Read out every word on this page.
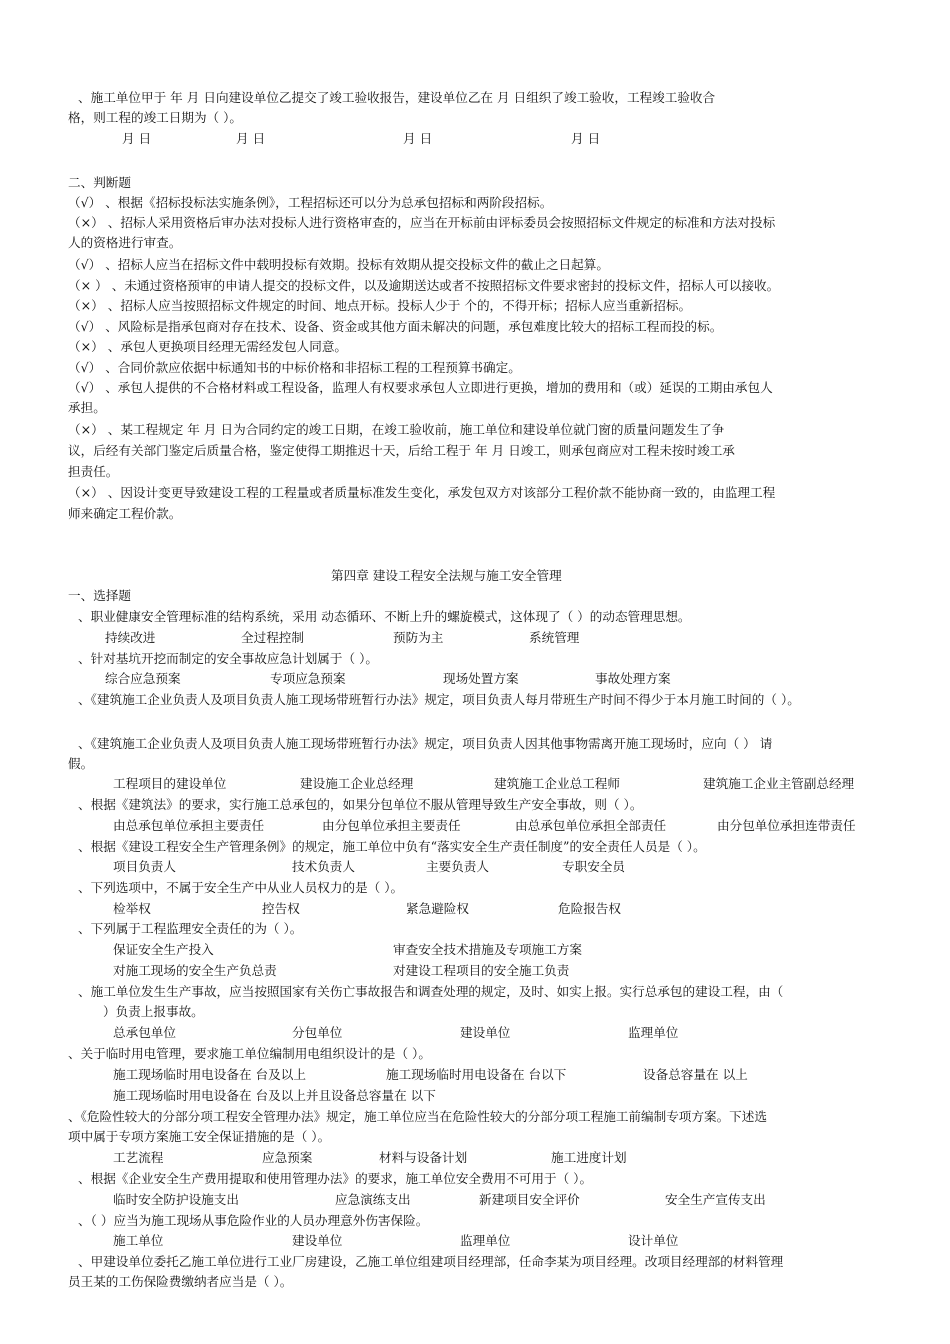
、施工单位甲于 年 月 日向建设单位乙提交了竣工验收报告，建设单位乙在 月 日组织了竣工验收，工程竣工验收合
格，则工程的竣工日期为（ ）。
月 日	月 日	月 日	月 日
二、判断题
（√） 、根据《招标投标法实施条例》，工程招标还可以分为总承包招标和两阶段招标。
（×） 、招标人采用资格后审办法对投标人进行资格审查的，应当在开标前由评标委员会按照招标文件规定的标准和方法对投标
人的资格进行审查。
（√） 、招标人应当在招标文件中载明投标有效期。投标有效期从提交投标文件的截止之日起算。
（× ） 、未通过资格预审的申请人提交的投标文件，以及逾期送达或者不按照招标文件要求密封的投标文件，招标人可以接收。
（×） 、招标人应当按照招标文件规定的时间、地点开标。投标人少于 个的，不得开标；招标人应当重新招标。
（√） 、风险标是指承包商对存在技术、设备、资金或其他方面未解决的问题，承包难度比较大的招标工程而投的标。
（×） 、承包人更换项目经理无需经发包人同意。
（√） 、合同价款应依据中标通知书的中标价格和非招标工程的工程预算书确定。
（√） 、承包人提供的不合格材料或工程设备，监理人有权要求承包人立即进行更换，增加的费用和（或）延误的工期由承包人
承担。
（×） 、某工程规定 年 月 日为合同约定的竣工日期，在竣工验收前，施工单位和建设单位就门窗的质量问题发生了争
议，后经有关部门鉴定后质量合格，鉴定使得工期推迟十天，后给工程于 年 月 日竣工，则承包商应对工程未按时竣工承
担责任。
（×） 、因设计变更导致建设工程的工程量或者质量标准发生变化，承发包双方对该部分工程价款不能协商一致的，由监理工程
师来确定工程价款。
第四章 建设工程安全法规与施工安全管理
一、选择题
、职业健康安全管理标准的结构系统，采用 动态循环、不断上升的螺旋模式，这体现了（ ）的动态管理思想。
持续改进	全过程控制	预防为主	系统管理
、针对基坑开挖而制定的安全事故应急计划属于（ ）。
综合应急预案	专项应急预案	现场处置方案	事故处理方案
、《建筑施工企业负责人及项目负责人施工现场带班暂行办法》规定，项目负责人每月带班生产时间不得少于本月施工时间的（ ）。
、《建筑施工企业负责人及项目负责人施工现场带班暂行办法》规定，项目负责人因其他事物需离开施工现场时，应向（ ） 请
假。
工程项目的建设单位	建设施工企业总经理	建筑施工企业总工程师	建筑施工企业主管副总经理
、根据《建筑法》的要求，实行施工总承包的，如果分包单位不服从管理导致生产安全事故，则（ ）。
由总承包单位承担主要责任	由分包单位承担主要责任	由总承包单位承担全部责任	由分包单位承担连带责任
、根据《建设工程安全生产管理条例》的规定，施工单位中负有“落实安全生产责任制度”的安全责任人员是（ ）。
项目负责人	技术负责人	主要负责人	专职安全员
、下列选项中，不属于安全生产中从业人员权力的是（ ）。
检举权	控告权	紧急避险权	危险报告权
、下列属于工程监理安全责任的为（ ）。
保证安全生产投入	审查安全技术措施及专项施工方案
对施工现场的安全生产负总责	对建设工程项目的安全施工负责
、施工单位发生生产事故，应当按照国家有关伤亡事故报告和调查处理的规定，及时、如实上报。实行总承包的建设工程，由（
）负责上报事故。
总承包单位	分包单位	建设单位	监理单位
、关于临时用电管理，要求施工单位编制用电组织设计的是（ ）。
施工现场临时用电设备在 台及以上	施工现场临时用电设备在 台以下	设备总容量在 以上
施工现场临时用电设备在 台及以上并且设备总容量在 以下
、《危险性较大的分部分项工程安全管理办法》规定，施工单位应当在危险性较大的分部分项工程施工前编制专项方案。下述选
项中属于专项方案施工安全保证措施的是（ ）。
工艺流程	应急预案	材料与设备计划	施工进度计划
、根据《企业安全生产费用提取和使用管理办法》的要求，施工单位安全费用不可用于（ ）。
临时安全防护设施支出	应急演练支出	新建项目安全评价	安全生产宣传支出
、（ ）应当为施工现场从事危险作业的人员办理意外伤害保险。
施工单位	建设单位	监理单位	设计单位
、甲建设单位委托乙施工单位进行工业厂房建设，乙施工单位组建项目经理部，任命李某为项目经理。改项目经理部的材料管理
员王某的工伤保险费缴纳者应当是（ ）。
